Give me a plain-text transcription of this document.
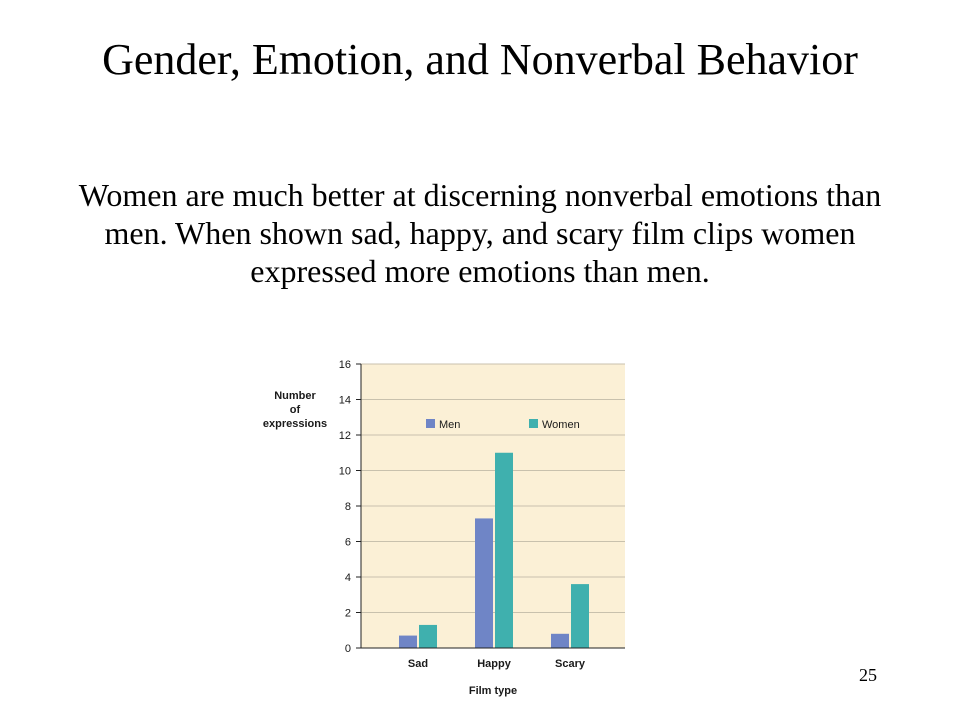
Gender, Emotion, and Nonverbal Behavior
Women are much better at discerning nonverbal emotions than men. When shown sad, happy, and scary film clips women expressed more emotions than men.
0
2
4
6
8
10
12
14
16
Sad	Happy	Scary
Number
of
expressions
Film type
Men	Women
25
